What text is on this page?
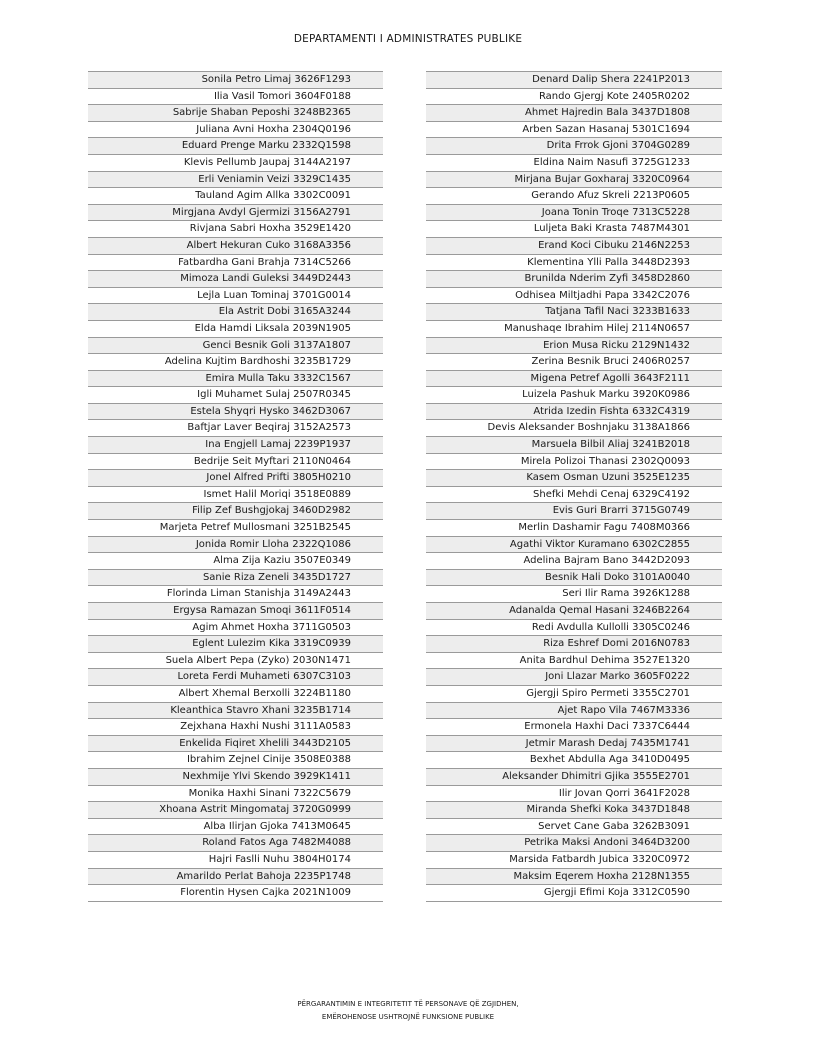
DEPARTAMENTI I ADMINISTRATES PUBLIKE
Sonila Petro Limaj 3626F1293
Ilia Vasil Tomori 3604F0188
Sabrije Shaban Peposhi 3248B2365
Juliana Avni Hoxha 2304Q0196
Eduard Prenge Marku 2332Q1598
Klevis Pellumb Jaupaj 3144A2197
Erli Veniamin Veizi 3329C1435
Tauland Agim Allka 3302C0091
Mirgjana Avdyl Gjermizi 3156A2791
Rivjana Sabri Hoxha 3529E1420
Albert Hekuran Cuko 3168A3356
Fatbardha Gani Brahja 7314C5266
Mimoza Landi Guleksi 3449D2443
Lejla Luan Tominaj 3701G0014
Ela Astrit Dobi 3165A3244
Elda Hamdi Liksala 2039N1905
Genci Besnik Goli 3137A1807
Adelina Kujtim Bardhoshi 3235B1729
Emira Mulla Taku 3332C1567
Igli Muhamet Sulaj 2507R0345
Estela Shyqri Hysko 3462D3067
Baftjar Laver Beqiraj 3152A2573
Ina Engjell Lamaj 2239P1937
Bedrije Seit Myftari 2110N0464
Jonel Alfred Prifti 3805H0210
Ismet Halil Moriqi 3518E0889
Filip Zef Bushgjokaj 3460D2982
Marjeta Petref Mullosmani 3251B2545
Jonida Romir Lloha 2322Q1086
Alma Zija Kaziu 3507E0349
Sanie Riza Zeneli 3435D1727
Florinda Liman Stanishja 3149A2443
Ergysa Ramazan Smoqi 3611F0514
Agim Ahmet Hoxha 3711G0503
Eglent Lulezim Kika 3319C0939
Suela Albert Pepa (Zyko) 2030N1471
Loreta Ferdi Muhameti 6307C3103
Albert Xhemal Berxolli 3224B1180
Kleanthica Stavro Xhani 3235B1714
Zejxhana Haxhi Nushi 3111A0583
Enkelida Fiqiret Xhelili 3443D2105
Ibrahim Zejnel Cinije 3508E0388
Nexhmije Ylvi Skendo 3929K1411
Monika Haxhi Sinani 7322C5679
Xhoana Astrit Mingomataj 3720G0999
Alba Ilirjan Gjoka 7413M0645
Roland Fatos Aga 7482M4088
Hajri Faslli Nuhu 3804H0174
Amarildo Perlat Bahoja 2235P1748
Florentin Hysen Cajka 2021N1009
Denard Dalip Shera 2241P2013
Rando Gjergj Kote 2405R0202
Ahmet Hajredin Bala 3437D1808
Arben Sazan Hasanaj 5301C1694
Drita Frrok Gjoni 3704G0289
Eldina Naim Nasufi 3725G1233
Mirjana Bujar Goxharaj 3320C0964
Gerando Afuz Skreli 2213P0605
Joana Tonin Troqe 7313C5228
Luljeta Baki Krasta 7487M4301
Erand Koci Cibuku 2146N2253
Klementina Ylli Palla 3448D2393
Brunilda Nderim Zyfi 3458D2860
Odhisea Miltjadhi Papa 3342C2076
Tatjana Tafil Naci 3233B1633
Manushaqe Ibrahim Hilej 2114N0657
Erion Musa Ricku 2129N1432
Zerina Besnik Bruci 2406R0257
Migena Petref Agolli 3643F2111
Luizela Pashuk Marku 3920K0986
Atrida Izedin Fishta 6332C4319
Devis Aleksander Boshnjaku 3138A1866
Marsuela Bilbil Aliaj 3241B2018
Mirela Polizoi Thanasi 2302Q0093
Kasem Osman Uzuni 3525E1235
Shefki Mehdi Cenaj 6329C4192
Evis Guri Brarri 3715G0749
Merlin Dashamir Fagu 7408M0366
Agathi Viktor Kuramano 6302C2855
Adelina Bajram Bano 3442D2093
Besnik Hali Doko 3101A0040
Seri Ilir Rama 3926K1288
Adanalda Qemal Hasani 3246B2264
Redi Avdulla Kullolli 3305C0246
Riza Eshref Domi 2016N0783
Anita Bardhul Dehima 3527E1320
Joni Llazar Marko 3605F0222
Gjergji Spiro Permeti 3355C2701
Ajet Rapo Vila 7467M3336
Ermonela Haxhi Daci 7337C6444
Jetmir Marash Dedaj 7435M1741
Bexhet Abdulla Aga 3410D0495
Aleksander Dhimitri Gjika 3555E2701
Ilir Jovan Qorri 3641F2028
Miranda Shefki Koka 3437D1848
Servet Cane Gaba 3262B3091
Petrika Maksi Andoni 3464D3200
Marsida Fatbardh Jubica 3320C0972
Maksim Eqerem Hoxha 2128N1355
Gjergji Efimi Koja 3312C0590
PËRGARANTIMIN E INTEGRITETIT TË PERSONAVE QË ZGJIDHEN,
EMËROHENOSE USHTROJNË FUNKSIONE PUBLIKE
